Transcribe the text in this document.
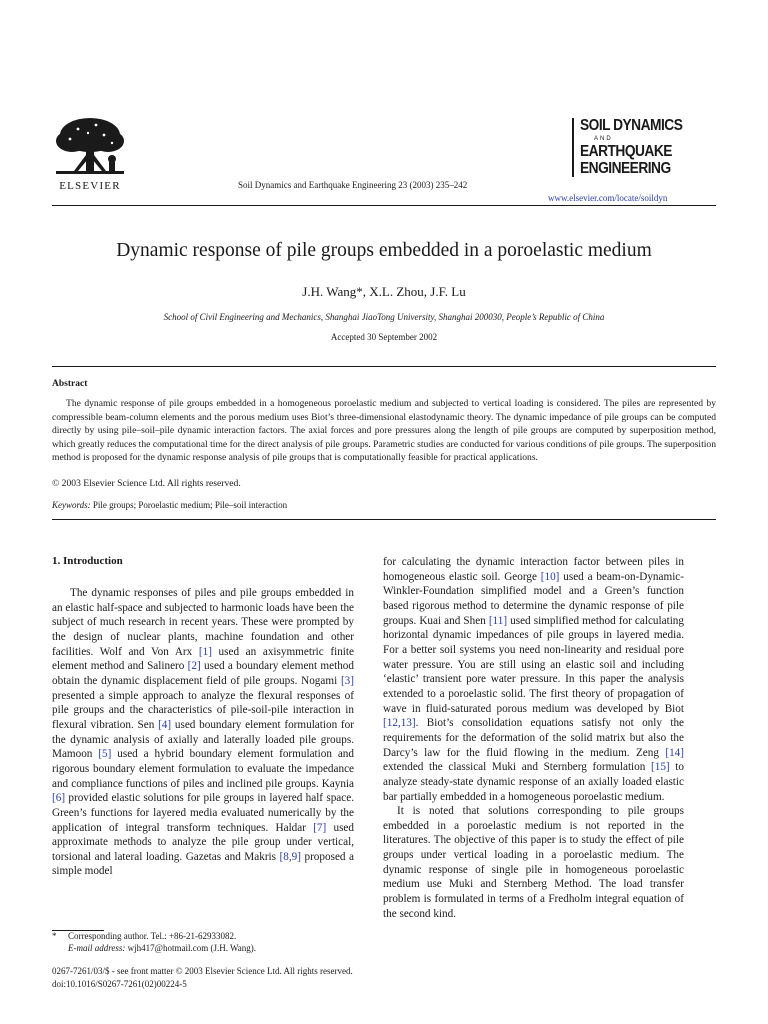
ELSEVIER	Soil Dynamics and Earthquake Engineering 23 (2003) 235–242
SOIL DYNAMICS
AND
EARTHQUAKE
ENGINEERING
www.elsevier.com/locate/soildyn
Dynamic response of pile groups embedded in a poroelastic medium
J.H. Wang*, X.L. Zhou, J.F. Lu
School of Civil Engineering and Mechanics, Shanghai JiaoTong University, Shanghai 200030, People’s Republic of China
Accepted 30 September 2002
Abstract
The dynamic response of pile groups embedded in a homogeneous poroelastic medium and subjected to vertical loading is considered. The piles are represented by compressible beam-column elements and the porous medium uses Biot’s three-dimensional elastodynamic theory. The dynamic impedance of pile groups can be computed directly by using pile–soil–pile dynamic interaction factors. The axial forces and pore pressures along the length of pile groups are computed by superposition method, which greatly reduces the computational time for the direct analysis of pile groups. Parametric studies are conducted for various conditions of pile groups. The superposition method is proposed for the dynamic response analysis of pile groups that is computationally feasible for practical applications.
© 2003 Elsevier Science Ltd. All rights reserved.
Keywords: Pile groups; Poroelastic medium; Pile–soil interaction
1. Introduction
The dynamic responses of piles and pile groups embedded in an elastic half-space and subjected to harmonic loads have been the subject of much research in recent years. These were prompted by the design of nuclear plants, machine foundation and other facilities. Wolf and Von Arx [1] used an axisymmetric finite element method and Salinero [2] used a boundary element method obtain the dynamic displacement field of pile groups. Nogami [3] presented a simple approach to analyze the flexural responses of pile groups and the characteristics of pile-soil-pile interaction in flexural vibration. Sen [4] used boundary element formulation for the dynamic analysis of axially and laterally loaded pile groups. Mamoon [5] used a hybrid boundary element formulation and rigorous boundary element formulation to evaluate the impedance and compliance functions of piles and inclined pile groups. Kaynia [6] provided elastic solutions for pile groups in layered half space. Green’s functions for layered media evaluated numerically by the application of integral transform techniques. Haldar [7] used approximate methods to analyze the pile group under vertical, torsional and lateral loading. Gazetas and Makris [8,9] proposed a simple model

for calculating the dynamic interaction factor between piles in homogeneous elastic soil. George [10] used a beam-on-Dynamic-Winkler-Foundation simplified model and a Green’s function based rigorous method to determine the dynamic response of pile groups. Kuai and Shen [11] used simplified method for calculating horizontal dynamic impedances of pile groups in layered media. For a better soil systems you need non-linearity and residual pore water pressure. You are still using an elastic soil and including ‘elastic’ transient pore water pressure. In this paper the analysis extended to a poroelastic solid. The first theory of propagation of wave in fluid-saturated porous medium was developed by Biot [12,13]. Biot’s consolidation equations satisfy not only the requirements for the deformation of the solid matrix but also the Darcy’s law for the fluid flowing in the medium. Zeng [14] extended the classical Muki and Sternberg formulation [15] to analyze steady-state dynamic response of an axially loaded elastic bar partially embedded in a homogeneous poroelastic medium.

It is noted that solutions corresponding to pile groups embedded in a poroelastic medium is not reported in the literatures. The objective of this paper is to study the effect of pile groups under vertical loading in a poroelastic medium. The dynamic response of single pile in homogeneous poroelastic medium use Muki and Sternberg Method. The load transfer problem is formulated in terms of a Fredholm integral equation of the second kind.

* Corresponding author. Tel.: +86-21-62933082.
E-mail address: wjh417@hotmail.com (J.H. Wang).
0267-7261/03/$ - see front matter © 2003 Elsevier Science Ltd. All rights reserved.
doi:10.1016/S0267-7261(02)00224-5
